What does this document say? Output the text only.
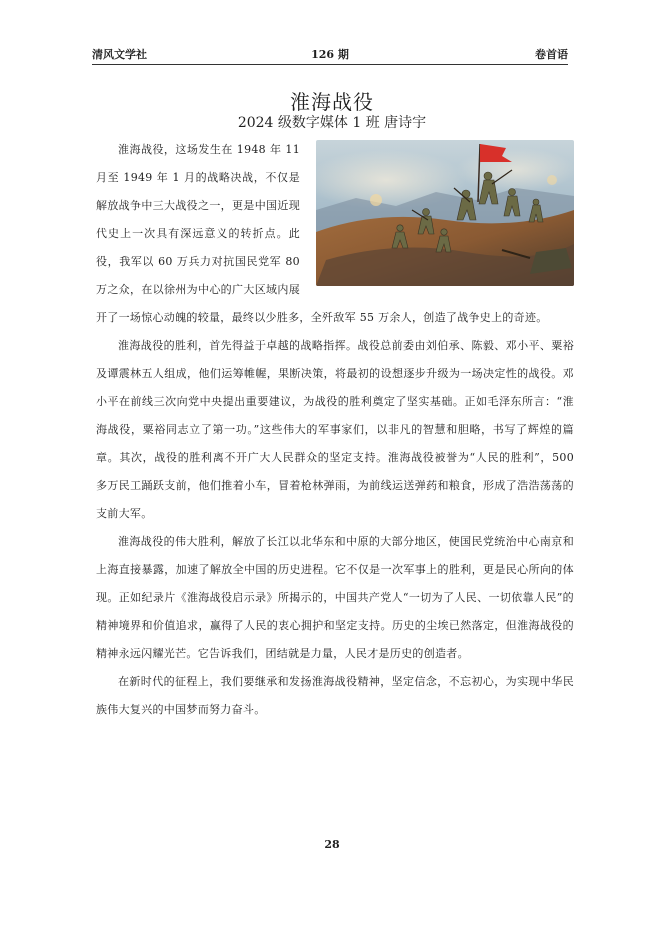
清风文学社	126 期	卷首语
淮海战役
2024 级数字媒体 1 班 唐诗宇

淮海战役，这场发生在 1948 年 11 月至 1949 年 1 月的战略决战，不仅是解放战争中三大战役之一，更是中国近现代史上一次具有深远意义的转折点。此役，我军以 60 万兵力对抗国民党军 80 万之众，在以徐州为中心的广大区域内展开了一场惊心动魄的较量，最终以少胜多，全歼敌军 55 万余人，创造了战争史上的奇迹。

淮海战役的胜利，首先得益于卓越的战略指挥。战役总前委由刘伯承、陈毅、邓小平、粟裕及谭震林五人组成，他们运筹帷幄，果断决策，将最初的设想逐步升级为一场决定性的战役。邓小平在前线三次向党中央提出重要建议，为战役的胜利奠定了坚实基础。正如毛泽东所言：“淮海战役，粟裕同志立了第一功。”这些伟大的军事家们，以非凡的智慧和胆略，书写了辉煌的篇章。其次，战役的胜利离不开广大人民群众的坚定支持。淮海战役被誉为“人民的胜利”，500 多万民工踊跃支前，他们推着小车，冒着枪林弹雨，为前线运送弹药和粮食，形成了浩浩荡荡的支前大军。

淮海战役的伟大胜利，解放了长江以北华东和中原的大部分地区，使国民党统治中心南京和上海直接暴露，加速了解放全中国的历史进程。它不仅是一次军事上的胜利，更是民心所向的体现。正如纪录片《淮海战役启示录》所揭示的，中国共产党人“一切为了人民、一切依靠人民”的精神境界和价值追求，赢得了人民的衷心拥护和坚定支持。历史的尘埃已然落定，但淮海战役的精神永远闪耀光芒。它告诉我们，团结就是力量，人民才是历史的创造者。

在新时代的征程上，我们要继承和发扬淮海战役精神，坚定信念，不忘初心，为实现中华民族伟大复兴的中国梦而努力奋斗。

28
